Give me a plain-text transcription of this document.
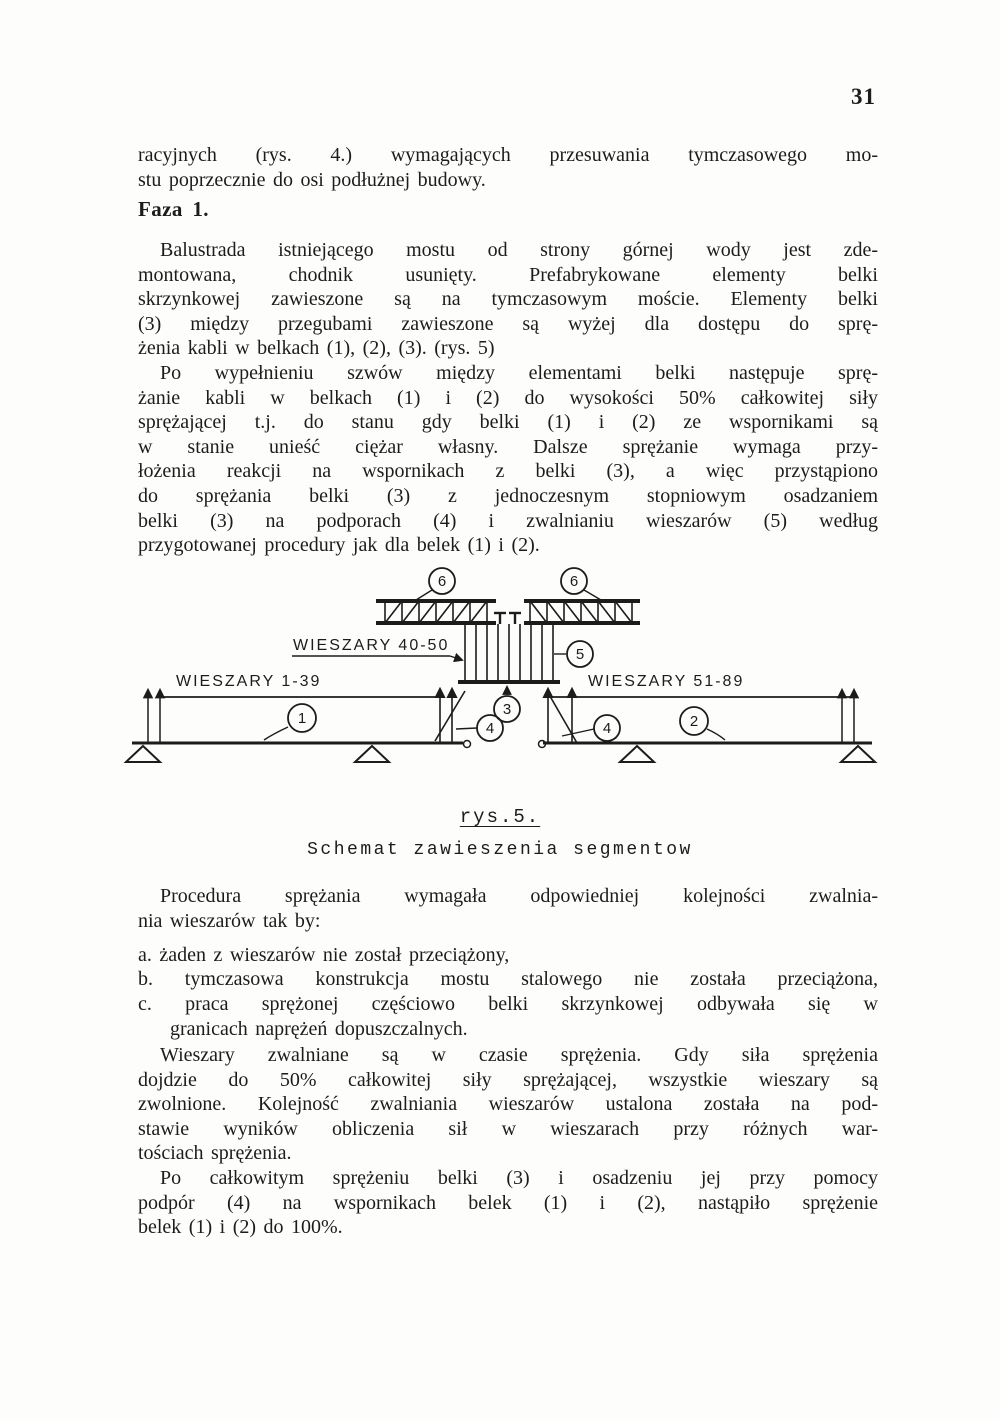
31
racyjnych (rys. 4.) wymagających przesuwania tymczasowego mo-
stu poprzecznie do osi podłużnej budowy.
Faza 1.
Balustrada istniejącego mostu od strony górnej wody jest zde-
montowana, chodnik usunięty. Prefabrykowane elementy belki
skrzynkowej zawieszone są na tymczasowym moście. Elementy belki
(3) między przegubami zawieszone są wyżej dla dostępu do sprę-
żenia kabli w belkach (1), (2), (3). (rys. 5)
Po wypełnieniu szwów między elementami belki następuje sprę-
żanie kabli w belkach (1) i (2) do wysokości 50% całkowitej siły
sprężającej t.j. do stanu gdy belki (1) i (2) ze wspornikami są
w stanie unieść ciężar własny. Dalsze sprężanie wymaga przy-
łożenia reakcji na wspornikach z belki (3), a więc przystąpiono
do sprężania belki (3) z jednoczesnym stopniowym osadzaniem
belki (3) na podporach (4) i zwalnianiu wieszarów (5) według
przygotowanej procedury jak dla belek (1) i (2).
6	6
WIESZARY 40-50
5
3
WIESZARY 1-39
1
4
WIESZARY 51-89
4	2
rys.5.
Schemat zawieszenia segmentow
Procedura sprężania wymagała odpowiedniej kolejności zwalnia-
nia wieszarów tak by:
a. żaden z wieszarów nie został przeciążony,
b. tymczasowa konstrukcja mostu stalowego nie została przeciążona,
c. praca sprężonej częściowo belki skrzynkowej odbywała się w
granicach naprężeń dopuszczalnych.
Wieszary zwalniane są w czasie sprężenia. Gdy siła sprężenia
dojdzie do 50% całkowitej siły sprężającej, wszystkie wieszary są
zwolnione. Kolejność zwalniania wieszarów ustalona została na pod-
stawie wyników obliczenia sił w wieszarach przy różnych war-
tościach sprężenia.
Po całkowitym sprężeniu belki (3) i osadzeniu jej przy pomocy
podpór (4) na wspornikach belek (1) i (2), nastąpiło sprężenie
belek (1) i (2) do 100%.
